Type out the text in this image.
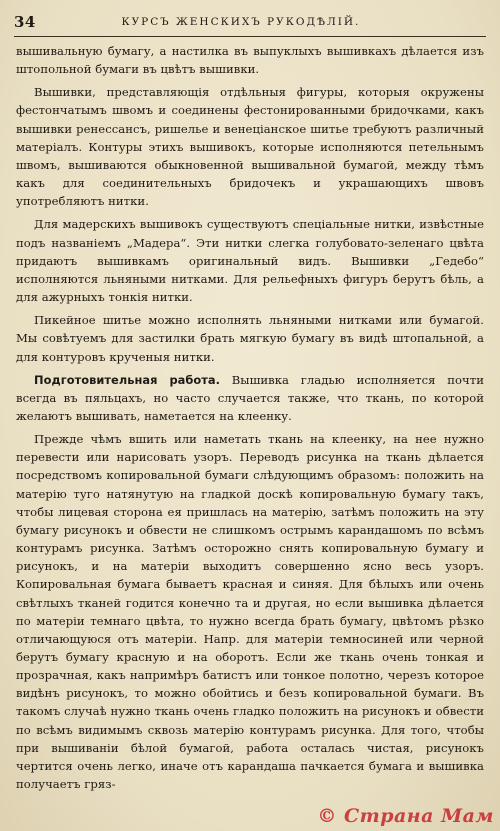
34	КУРСЪ ЖЕНСКИХЪ РУКОДѢЛІЙ.

вышивальную бумагу, а настилка въ выпуклыхъ вышивкахъ дѣлается изъ штопольной бумаги въ цвѣтъ вышивки.

Вышивки, представляющія отдѣльныя фигуры, которыя окружены фестончатымъ швомъ и соединены фестонированными бридочками, какъ вышивки ренессансъ, ришелье и венеціанское шитье требуютъ различный матеріалъ. Контуры этихъ вышивокъ, которые исполняются петельнымъ швомъ, вышиваются обыкновенной вышивальной бумагой, между тѣмъ какъ для соединительныхъ бридочекъ и украшающихъ швовъ употребляютъ нитки.

Для мадерскихъ вышивокъ существуютъ спеціальные нитки, извѣстные подъ названіемъ „Мадера“. Эти нитки слегка голубовато-зеленаго цвѣта придаютъ вышивкамъ оригинальный видъ. Вышивки „Гедебо“ исполняются льняными нитками. Для рельефныхъ фигуръ берутъ бѣль, а для ажурныхъ тонкія нитки.

Пикейное шитье можно исполнять льняными нитками или бумагой. Мы совѣтуемъ для застилки брать мягкую бумагу въ видѣ штопальной, а для контуровъ крученыя нитки.

Подготовительная работа. Вышивка гладью исполняется почти всегда въ пяльцахъ, но часто случается также, что ткань, по которой желаютъ вышивать, наметается на клеенку.

Прежде чѣмъ вшить или наметать ткань на клеенку, на нее нужно перевести или нарисовать узоръ. Переводъ рисунка на ткань дѣлается посредствомъ копировальной бумаги слѣдующимъ образомъ: положить на матерію туго натянутую на гладкой доскѣ копировальную бумагу такъ, чтобы лицевая сторона ея пришлась на матерію, затѣмъ положить на эту бумагу рисунокъ и обвести не слишкомъ острымъ карандашомъ по всѣмъ контурамъ рисунка. Затѣмъ осторожно снять копировальную бумагу и рисунокъ, и на матеріи выходитъ совершенно ясно весь узоръ. Копировальная бумага бываетъ красная и синяя. Для бѣлыхъ или очень свѣтлыхъ тканей годится конечно та и другая, но если вышивка дѣлается по матеріи темнаго цвѣта, то нужно всегда брать бумагу, цвѣтомъ рѣзко отличающуюся отъ матеріи. Напр. для матеріи темносиней или черной берутъ бумагу красную и на оборотъ. Если же ткань очень тонкая и прозрачная, какъ напримѣръ батистъ или тонкое полотно, черезъ которое видѣнъ рисунокъ, то можно обойтись и безъ копировальной бумаги. Въ такомъ случаѣ нужно ткань очень гладко положить на рисунокъ и обвести по всѣмъ видимымъ сквозь матерію контурамъ рисунка. Для того, чтобы при вышиваніи бѣлой бумагой, работа осталась чистая, рисунокъ чертится очень легко, иначе отъ карандаша пачкается бумага и вышивка получаетъ гряз-

© Страна Мам
